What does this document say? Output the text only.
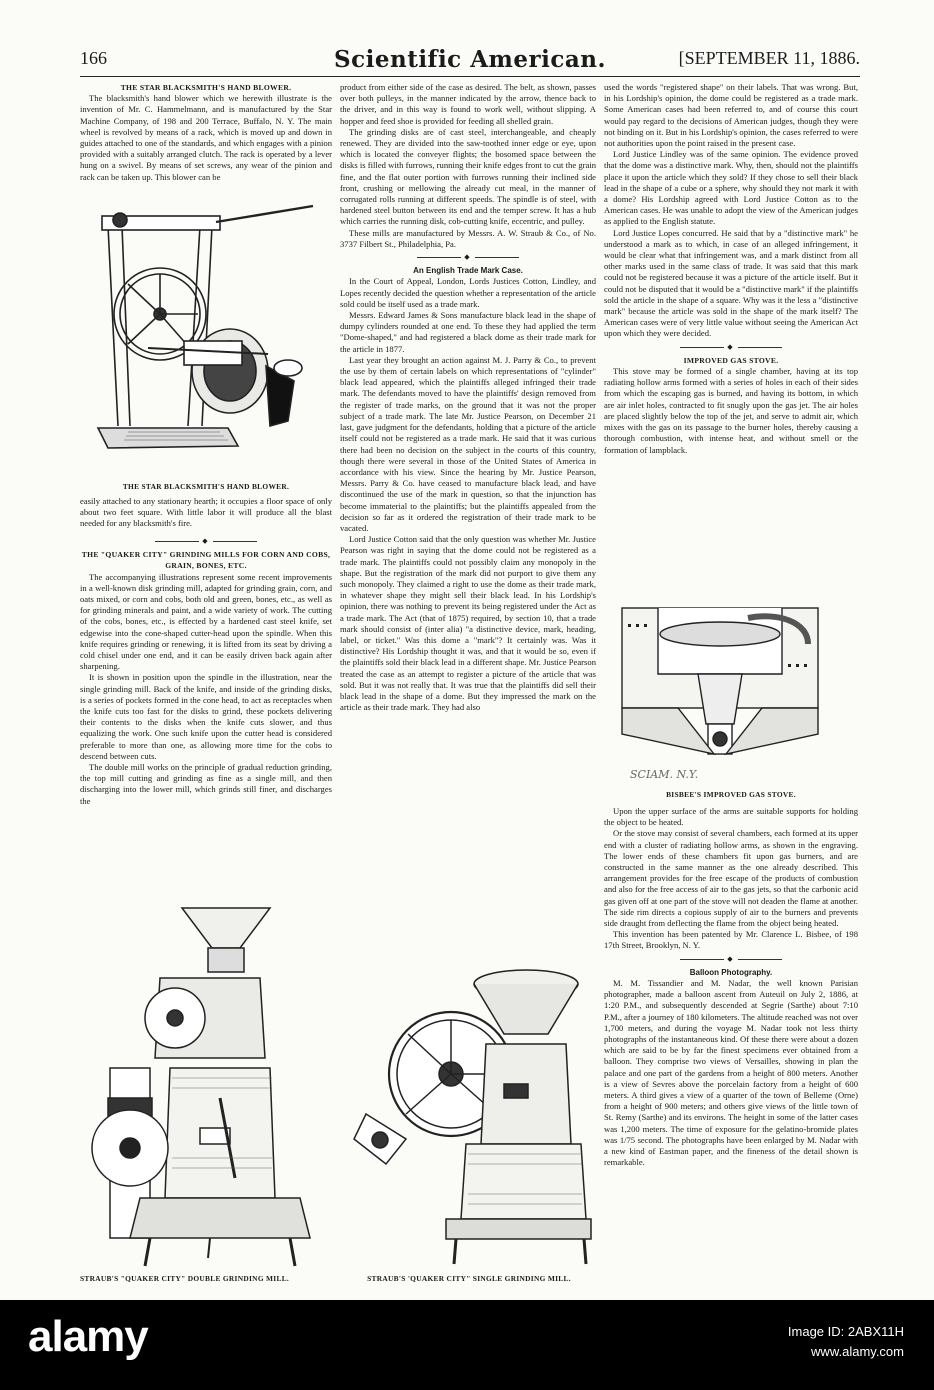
166	Scientific American.	[SEPTEMBER 11, 1886.

THE STAR BLACKSMITH'S HAND BLOWER.

The blacksmith's hand blower which we herewith illustrate is the invention of Mr. C. Hammelmann, and is manufactured by the Star Machine Company, of 198 and 200 Terrace, Buffalo, N. Y. The main wheel is revolved by means of a rack, which is moved up and down in guides attached to one of the standards, and which engages with a pinion provided with a suitably arranged clutch. The rack is operated by a lever hung on a swivel. By means of set screws, any wear of the pinion and rack can be taken up. This blower can be

THE STAR BLACKSMITH'S HAND BLOWER.

easily attached to any stationary hearth; it occupies a floor space of only about two feet square. With little labor it will produce all the blast needed for any blacksmith's fire.

◆

THE "QUAKER CITY" GRINDING MILLS FOR CORN AND COBS, GRAIN, BONES, ETC.

The accompanying illustrations represent some recent improvements in a well-known disk grinding mill, adapted for grinding grain, corn, and oats mixed, or corn and cobs, both old and green, bones, etc., as well as for grinding minerals and paint, and a wide variety of work. The cutting of the cobs, bones, etc., is effected by a hardened cast steel knife, set edgewise into the cone-shaped cutter-head upon the spindle. When this knife requires grinding or renewing, it is lifted from its seat by driving a cold chisel under one end, and it can be easily driven back again after sharpening.

It is shown in position upon the spindle in the illustration, near the single grinding mill. Back of the knife, and inside of the grinding disks, is a series of pockets formed in the cone head, to act as receptacles when the knife cuts too fast for the disks to grind, these pockets delivering their contents to the disks when the knife cuts slower, and thus equalizing the work. One such knife upon the cutter head is considered preferable to more than one, as allowing more time for the cobs to descend between cuts.

The double mill works on the principle of gradual reduction grinding, the top mill cutting and grinding as fine as a single mill, and then discharging into the lower mill, which grinds still finer, and discharges the

STRAUB'S "QUAKER CITY" DOUBLE GRINDING MILL.

product from either side of the case as desired. The belt, as shown, passes over both pulleys, in the manner indicated by the arrow, thence back to the driver, and in this way is found to work well, without slipping. A hopper and feed shoe is provided for feeding all shelled grain.

The grinding disks are of cast steel, interchangeable, and cheaply renewed. They are divided into the saw-toothed inner edge or eye, upon which is located the conveyer flights; the bosomed space between the disks is filled with furrows, running their knife edges front to cut the grain fine, and the flat outer portion with furrows running their inclined side front, crushing or mellowing the already cut meal, in the manner of corrugated rolls running at different speeds. The spindle is of steel, with hardened steel button between its end and the temper screw. It has a hub which carries the running disk, cob-cutting knife, eccentric, and pulley.

These mills are manufactured by Messrs. A. W. Straub & Co., of No. 3737 Filbert St., Philadelphia, Pa.

◆

An English Trade Mark Case.

In the Court of Appeal, London, Lords Justices Cotton, Lindley, and Lopes recently decided the question whether a representation of the article sold could be itself used as a trade mark.

Messrs. Edward James & Sons manufacture black lead in the shape of dumpy cylinders rounded at one end. To these they had applied the term "Dome-shaped," and had registered a black dome as their trade mark for the article in 1877.

Last year they brought an action against M. J. Parry & Co., to prevent the use by them of certain labels on which representations of "cylinder" black lead appeared, which the plaintiffs alleged infringed their trade mark. The defendants moved to have the plaintiffs' design removed from the register of trade marks, on the ground that it was not the proper subject of a trade mark. The late Mr. Justice Pearson, on December 21 last, gave judgment for the defendants, holding that a picture of the article itself could not be registered as a trade mark. He said that it was curious there had been no decision on the subject in the courts of this country, though there were several in those of the United States of America in accordance with his view. Since the hearing by Mr. Justice Pearson, Messrs. Parry & Co. have ceased to manufacture black lead, and have discontinued the use of the mark in question, so that the injunction has become immaterial to the plaintiffs; but the plaintiffs appealed from the decision so far as it ordered the registration of their trade mark to be vacated.

Lord Justice Cotton said that the only question was whether Mr. Justice Pearson was right in saying that the dome could not be registered as a trade mark. The plaintiffs could not possibly claim any monopoly in the shape. But the registration of the mark did not purport to give them any such monopoly. They claimed a right to use the dome as their trade mark, in whatever shape they might sell their black lead. In his Lordship's opinion, there was nothing to prevent its being registered under the Act as a trade mark. The Act (that of 1875) required, by section 10, that a trade mark should consist of (inter alia) "a distinctive device, mark, heading, label, or ticket." Was this dome a "mark"? It certainly was. Was it distinctive? His Lordship thought it was, and that it would be so, even if the plaintiffs sold their black lead in a different shape. Mr. Justice Pearson treated the case as an attempt to register a picture of the article that was sold. But it was not really that. It was true that the plaintiffs did sell their black lead in the shape of a dome. But they impressed the mark on the article as their trade mark. They had also

STRAUB'S 'QUAKER CITY" SINGLE GRINDING MILL.

used the words "registered shape" on their labels. That was wrong. But, in his Lordship's opinion, the dome could be registered as a trade mark. Some American cases had been referred to, and of course this court would pay regard to the decisions of American judges, though they were not binding on it. But in his Lordship's opinion, the cases referred to were not authorities upon the point raised in the present case.

Lord Justice Lindley was of the same opinion. The evidence proved that the dome was a distinctive mark. Why, then, should not the plaintiffs place it upon the article which they sold? If they chose to sell their black lead in the shape of a cube or a sphere, why should they not mark it with a dome? His Lordship agreed with Lord Justice Cotton as to the American cases. He was unable to adopt the view of the American judges as applied to the English statute.

Lord Justice Lopes concurred. He said that by a "distinctive mark" he understood a mark as to which, in case of an alleged infringement, it would be clear what that infringement was, and a mark distinct from all other marks used in the same class of trade. It was said that this mark could not be registered because it was a picture of the article itself. But it could not be disputed that it would be a "distinctive mark" if the plaintiffs sold the article in the shape of a square. Why was it the less a "distinctive mark" because the article was sold in the shape of the mark itself? The American cases were of very little value without seeing the American Act upon which they were decided.

◆

IMPROVED GAS STOVE.

This stove may be formed of a single chamber, having at its top radiating hollow arms formed with a series of holes in each of their sides from which the escaping gas is burned, and having its bottom, in which are air inlet holes, contracted to fit snugly upon the gas jet. The air holes are placed slightly below the top of the jet, and serve to admit air, which mixes with the gas on its passage to the burner holes, thereby causing a thorough combustion, with intense heat, and without smell or the formation of lampblack.

SCIAM. N.Y.
BISBEE'S IMPROVED GAS STOVE.

Upon the upper surface of the arms are suitable supports for holding the object to be heated.

Or the stove may consist of several chambers, each formed at its upper end with a cluster of radiating hollow arms, as shown in the engraving. The lower ends of these chambers fit upon gas burners, and are constructed in the same manner as the one already described. This arrangement provides for the free escape of the products of combustion and also for the free access of air to the gas jets, so that the carbonic acid gas given off at one part of the stove will not deaden the flame at another. The side rim directs a copious supply of air to the burners and prevents side draught from deflecting the flame from the object being heated.

This invention has been patented by Mr. Clarence L. Bisbee, of 198 17th Street, Brooklyn, N. Y.

◆

Balloon Photography.

M. M. Tissandier and M. Nadar, the well known Parisian photographer, made a balloon ascent from Auteuil on July 2, 1886, at 1:20 P.M., and subsequently descended at Segrie (Sarthe) about 7:10 P.M., after a journey of 180 kilometers. The altitude reached was not over 1,700 meters, and during the voyage M. Nadar took not less thirty photographs of the instantaneous kind. Of these there were about a dozen which are said to be by far the finest specimens ever obtained from a balloon. They comprise two views of Versailles, showing in plan the palace and one part of the gardens from a height of 800 meters. Another is a view of Sevres above the porcelain factory from a height of 600 meters. A third gives a view of a quarter of the town of Belleme (Orne) from a height of 900 meters; and others give views of the little town of St. Remy (Sarthe) and its environs. The height in some of the latter cases was 1,200 meters. The time of exposure for the gelatino-bromide plates was 1/75 second. The photographs have been enlarged by M. Nadar with a new kind of Eastman paper, and the fineness of the detail shown is remarkable.

alamy	Image ID: 2ABX11H
www.alamy.com
